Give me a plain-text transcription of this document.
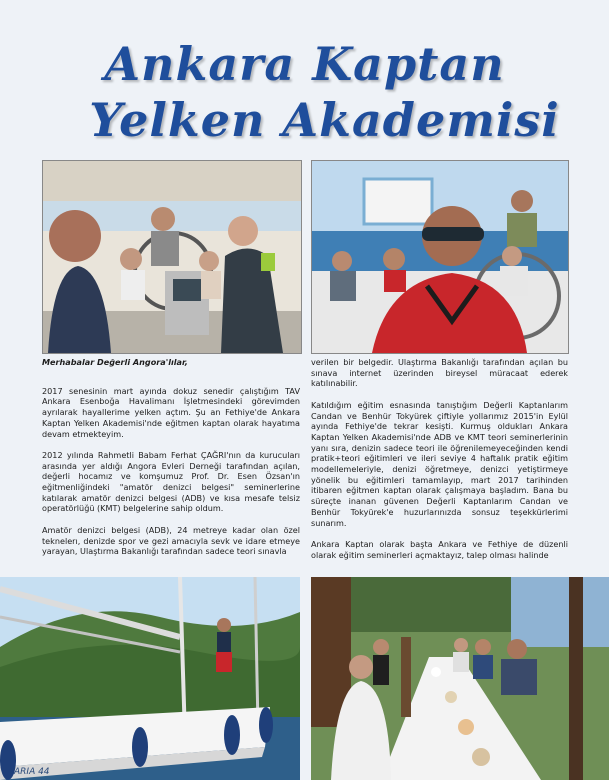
Ankara Kaptan
Yelken Akademisi

Merhabalar Değerli Angora'lılar,

2017 senesinin mart ayında dokuz senedir çalıştığım TAV Ankara Esenboğa Havalimanı İşletmesindeki görevimden ayrılarak hayallerime yelken açtım. Şu an Fethiye'de Ankara Kaptan Yelken Akademisi'nde eğitmen kaptan olarak hayatıma devam etmekteyim.

2012 yılında Rahmetli Babam Ferhat ÇAĞRI'nın da kurucuları arasında yer aldığı Angora Evleri Derneği tarafından açılan, değerli hocamız ve komşumuz Prof. Dr. Esen Özsan'ın eğitmenliğindeki "amatör denizci belgesi" seminerlerine katılarak amatör denizci belgesi (ADB) ve kısa mesafe telsiz operatörlüğü (KMT) belgelerine sahip oldum.

Amatör denizci belgesi (ADB), 24 metreye kadar olan özel teknelerı, denizde spor ve gezi amacıyla sevk ve idare etmeye yarayan, Ulaştırma Bakanlığı tarafından sadece teori sınavla

verilen bir belgedir. Ulaştırma Bakanlığı tarafından açılan bu sınava internet üzerinden bireysel müracaat ederek katılınabilir.

Katıldığım eğitim esnasında tanıştığım Değerli Kaptanlarım Candan ve Benhür Tokyürek çiftiyle yollarımız 2015'in Eylül ayında Fethiye'de tekrar kesişti. Kurmuş oldukları Ankara Kaptan Yelken Akademisi'nde ADB ve KMT teori seminerlerinin yanı sıra, denizin sadece teori ile öğrenilemeyeceğinden kendi pratik+teori eğitimleri ve ileri seviye 4 haftalık pratik eğitim modellemeleriyle, denizi öğretmeye, denizci yetiştirmeye yönelik bu eğitimleri tamamlayıp, mart 2017 tarihinden itibaren eğitmen kaptan olarak çalışmaya başladım. Bana bu süreçte inanan güvenen Değerli Kaptanlarım Candan ve Benhür Tokyürek'e huzurlarınızda sonsuz teşekkürlerimi sunarım.

Ankara Kaptan olarak başta Ankara ve Fethiye de düzenli olarak eğitim seminerleri açmaktayız, talep olması halinde

ARIA 44
